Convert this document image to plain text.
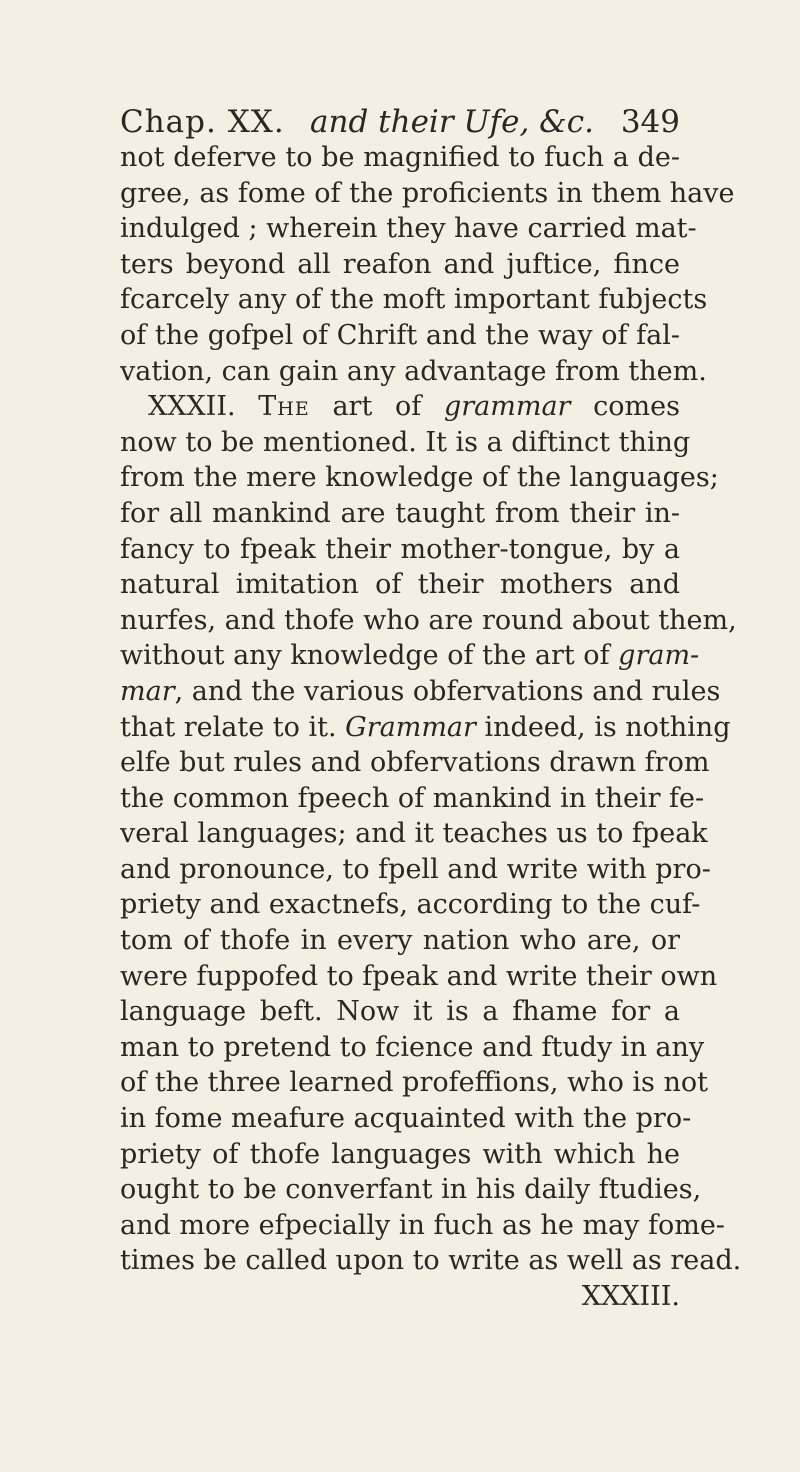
Chap. XX. and their Ufe, &c. 349
not deferve to be magnified to fuch a de-
gree, as fome of the proficients in them have
indulged ; wherein they have carried mat-
ters beyond all reafon and juftice, fince
fcarcely any of the moft important fubjects
of the gofpel of Chrift and the way of fal-
vation, can gain any advantage from them.
XXXII. The art of grammar comes
now to be mentioned. It is a diftinct thing
from the mere knowledge of the languages;
for all mankind are taught from their in-
fancy to fpeak their mother-tongue, by a
natural imitation of their mothers and
nurfes, and thofe who are round about them,
without any knowledge of the art of gram-
mar, and the various obfervations and rules
that relate to it. Grammar indeed, is nothing
elfe but rules and obfervations drawn from
the common fpeech of mankind in their fe-
veral languages; and it teaches us to fpeak
and pronounce, to fpell and write with pro-
priety and exactnefs, according to the cuf-
tom of thofe in every nation who are, or
were fuppofed to fpeak and write their own
language beft. Now it is a fhame for a
man to pretend to fcience and ftudy in any
of the three learned profeffions, who is not
in fome meafure acquainted with the pro-
priety of thofe languages with which he
ought to be converfant in his daily ftudies,
and more efpecially in fuch as he may fome-
times be called upon to write as well as read.
XXXIII.
